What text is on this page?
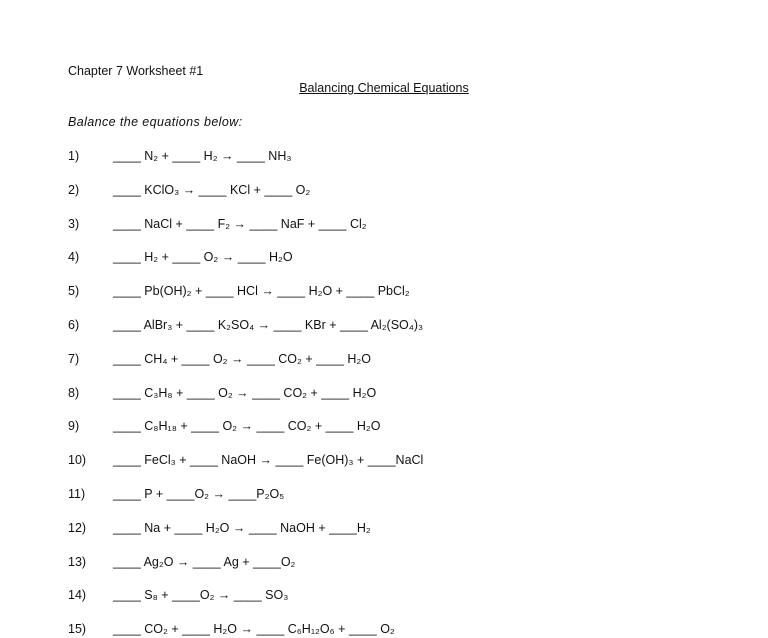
Chapter 7 Worksheet #1
Balancing Chemical Equations
Balance the equations below:
1)	____ N₂ + ____ H₂ → ____ NH₃
2)	____ KClO₃ → ____ KCl + ____ O₂
3)	____ NaCl + ____ F₂ → ____ NaF + ____ Cl₂
4)	____ H₂ + ____ O₂ → ____ H₂O
5)	____ Pb(OH)₂ + ____ HCl → ____ H₂O + ____ PbCl₂
6)	____ AlBr₃ + ____ K₂SO₄ → ____ KBr + ____ Al₂(SO₄)₃
7)	____ CH₄ + ____ O₂ → ____ CO₂ + ____ H₂O
8)	____ C₃H₈ + ____ O₂ → ____ CO₂ + ____ H₂O
9)	____ C₈H₁₈ + ____ O₂ → ____ CO₂ + ____ H₂O
10)	____ FeCl₃ + ____ NaOH → ____ Fe(OH)₃ + ____NaCl
11)	____ P + ____O₂ → ____P₂O₅
12)	____ Na + ____ H₂O → ____ NaOH + ____H₂
13)	____ Ag₂O → ____ Ag + ____O₂
14)	____ S₈ + ____O₂ → ____ SO₃
15)	____ CO₂ + ____ H₂O → ____ C₆H₁₂O₆ + ____ O₂
